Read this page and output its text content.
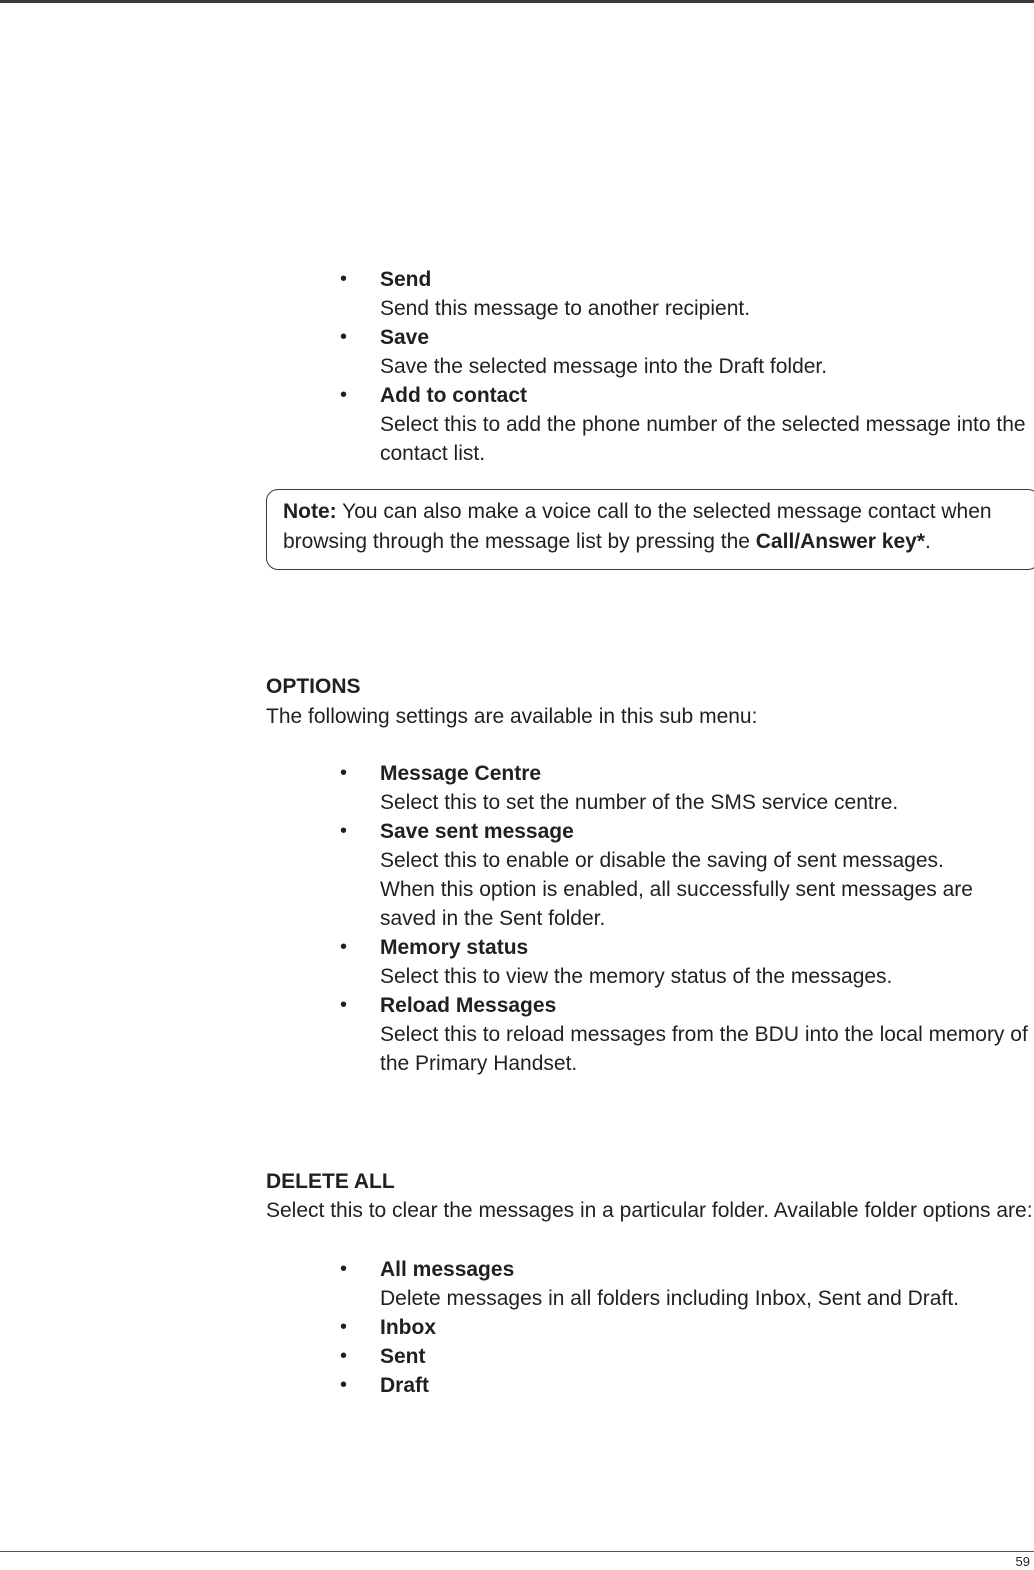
•	Send
Send this message to another recipient.
•	Save
Save the selected message into the Draft folder.
•	Add to contact
Select this to add the phone number of the selected message into the contact list.
Note: You can also make a voice call to the selected message contact when browsing through the message list by pressing the Call/Answer key*.
OPTIONS
The following settings are available in this sub menu:
•	Message Centre
Select this to set the number of the SMS service centre.
•	Save sent message
Select this to enable or disable the saving of sent messages.
When this option is enabled, all successfully sent messages are saved in the Sent folder.
•	Memory status
Select this to view the memory status of the messages.
•	Reload Messages
Select this to reload messages from the BDU into the local memory of the Primary Handset.
DELETE ALL
Select this to clear the messages in a particular folder. Available folder options are:
•	All messages
Delete messages in all folders including Inbox, Sent and Draft.
•	Inbox
•	Sent
•	Draft
59
